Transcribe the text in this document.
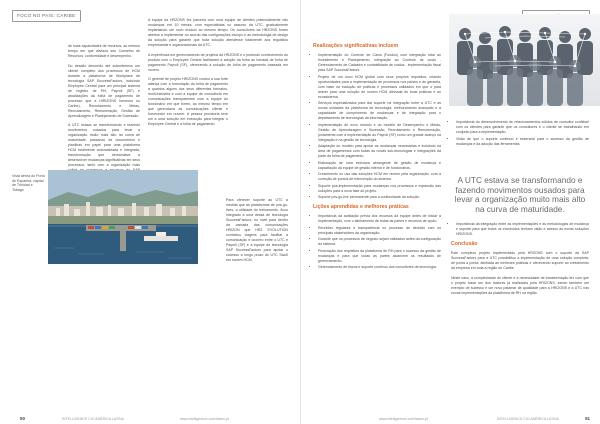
FOCO NO PAÍS: CARIBE

de suas capacidades de recursos, ao mesmo tempo em que aliviava seu Conselho de Recursos, conformidade e desempenho.

Do desafio decorrido até submitermos um cliente completo dos processos de HCM durante a plataforma de Workplace de tecnologia SAP SuccessFactors, incluindo Employee Central para um principal sistema de registro de RH, Payroll (SF) e atualizações da folha de pagamento de processo que a HIRIZONS forneceu no Caribe), Recrutamento e Metas, Recrutamento, Remuneração, Gestão de Aprendizagem e Planejamento de Sucessão.

A UTC estava se transformando e fazendo movimentos ousados para levar a organização muito mais alto na curva de maturidade, passando de documentos e planilhas em papel para uma plataforma HCM totalmente automatizada e integrada, transformação que demandava a desenvolver mudanças significativas em seus processos, tanto com a organização mais

A equipe da HRZONS fez parceria com uma equipe de clientes potencialmente vão mudanças em 10 meses, com especialistas no assunto da UTC, gradualmente implantando um novo módulo ao mesmo tempo. Os consultores da HRZONS foram abertos a implementar no acordo das configurações escopo e as metodologia de design da solução para garantir que toda solução atendesse totalmente aos requisitos empresariais e organizacionais da UTC.

A experiência em gerenciamento de projetos da HRZONS e o profundo conhecimento do produto com o Employee Central facilitaram a adoção da folha ao tomada de folha de pagamento Payroll (SF), oferecendo a solução de folha de pagamento baseada em nuvem.

O gerente de projeto HRIZONS contou a sua forte aliança com a formulação da folha de pagamento a quantos alguns dos seus diferentes formatos, multi-indústria e com a equipe de consultoria em comunicações transparentes com a equipe do funcionário em que forem, ao mesmo tempo em que gerenciava as comunicações cliente e fornecedor em nuvem. A pessoa provisória teve um a uma solução em execução para integrar o Employee Central e a folha de pagamento.

Para oferecer suporte ao UTC a medida que as plataformas de pós-go-lives, a utilidade do treinamento, ficou integrado a uma dessa de tecnologia SuccessFactors, no nível para dentro da camada das comunicações HRIZON que HRZ EVOLUTION contratou viagens para facilitar a comunicação e ocorreu entre o UTC e Payroll (SF) e a equipe de tecnologia SAP SuccessFactors para apoiar o sucesso a longo prazo do UTC SaaS em nuvem HCM.

Vista aérea do Porto de Espanha, capital de Trinidad e Tobago
50	INTELLIGENCE CIO AMÉRICA LATINA	www.intelligentcio.com/latam-pt
Realizações significativas incluem
• Implementação do Controle de Caixa (Fundos) com integração total ao Investimento e Planejamento, integração ao Controle de custo - Gerenciamento de Cadastro e contabilidade de custos - implementação fiscal para SAP SuccessFactors.
• Projeto de um novo HCM global com seus próprios requisitos, criando oportunidades para a implementação de processos nos países e de garantia, com base na tradução de práticas e processos validados em que o para reaver para uma solução de nuvem HCM alinhada às boas práticas e ao ecossistema.
• Serviços especializados para dar suporte na integração entre a UTC e as novas unidades da plataforma de tecnologia, melhoramento avançado e a capacidade de cumprimento de mudanças e de integração para o departamento de tecnologias da informação.
• Implementação de novo módulo e do modelo de Desempenho e Metas, Gestão de Aprendizagem e Sucessão, Recrutamento e Remuneração, juntamente com a implementação do Payroll (SF) como um grande avanço na integração e na gestão de tecnologia.
• Adaptação do modelo para apoiar as mudanças necessárias e incluindo na área de pagamentos com todas as novas sub-tecnologias e integrações da parte da folha de pagamento.
• Elaboração de uma estrutura abrangente de gestão de mudança e capacitação da equipe de gestão interna e de funcionários.
• Crescimento no uso das soluções HCM em nuvem pela organização, com a correção de pontos de intervenção do sistema.
• Suporte pós-implementação para mudanças nos processos e expansão das soluções para a nova fase do projeto.
• Suporte pós-go-live permanente para a continuidade da solução.
Lições aprendidas e melhores práticas
• Importância da avaliação prévia dos recursos da equipe antes de iniciar a implementação, com o alinhamento de todas as partes e recursos de apoio.
• Reuniões regulares e transparência no processo de decisão com os principais stakeholders da organização.
• Garantir que os processos de negócio sejam validados antes da configuração do sistema.
• Priorização dos requisitos da plataforma de RH para o sucesso da gestão de mudanças e para que todas as partes alcancem os resultados de gerenciamento.
• Gerenciamento de riscos e suporte contínuo dos consultores de tecnologia.
• Importância do desenvolvimento de relacionamentos sólidos de consultor confiável com os clientes para garantir que os consultores e o cliente se trabalhando em conjunto para a implementação.
• Visão de que o suporte contínuo é essencial para o sucesso da gestão de mudanças e da adoção das ferramentas.
A UTC estava se transformando e fazendo movimentos ousados para levar a organização muito mais alto na curva de maturidade.
• Importância da integração entre as implementações e as metodologias de mudança e suporte para que todos os envolvidos tenham visão e acesso às novas soluções HRIZONS.
Conclusão

Este complexo projeto implementado pela HRZONS com o suporte da SAP SuccessFactors para a UTC possibilitou a implementação de uma solução completa, de ponta a ponta, alinhada às melhores práticas e oferecendo suporte ao crescimento da empresa em toda a região do Caribe.

Neste caso, a complexidade do cliente e a necessidade de transformação fez com que o projeto fosse um dos maiores já realizados pela HRIZONS, sendo também um exemplo de sucesso e um novo patamar de qualidade para a HRIZONS e a UTC nas novas implementações da plataforma de RH na região.

www.intelligentcio.com/latam-pt	INTELLIGENCE CIO AMÉRICA LATINA	51
